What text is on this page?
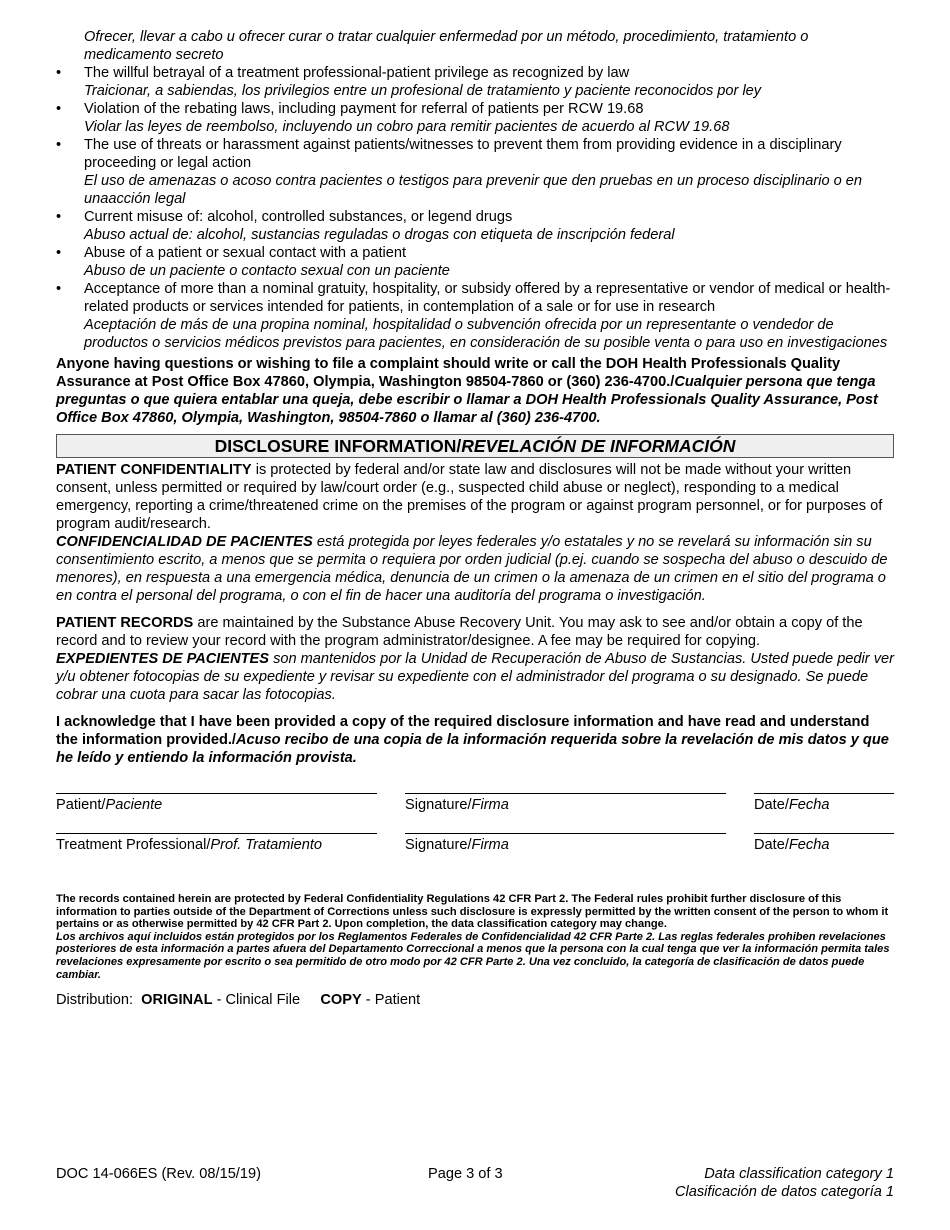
Ofrecer, llevar a cabo u ofrecer curar o tratar cualquier enfermedad por un método, procedimiento, tratamiento o medicamento secreto
• The willful betrayal of a treatment professional-patient privilege as recognized by law
Traicionar, a sabiendas, los privilegios entre un profesional de tratamiento y paciente reconocidos por ley
• Violation of the rebating laws, including payment for referral of patients per RCW 19.68
Violar las leyes de reembolso, incluyendo un cobro para remitir pacientes de acuerdo al RCW 19.68
• The use of threats or harassment against patients/witnesses to prevent them from providing evidence in a disciplinary proceeding or legal action
El uso de amenazas o acoso contra pacientes o testigos para prevenir que den pruebas en un proceso disciplinario o en unaacción legal
• Current misuse of: alcohol, controlled substances, or legend drugs
Abuso actual de: alcohol, sustancias reguladas o drogas con etiqueta de inscripción federal
• Abuse of a patient or sexual contact with a patient
Abuso de un paciente o contacto sexual con un paciente
• Acceptance of more than a nominal gratuity, hospitality, or subsidy offered by a representative or vendor of medical or health-related products or services intended for patients, in contemplation of a sale or for use in research
Aceptación de más de una propina nominal, hospitalidad o subvención ofrecida por un representante o vendedor de productos o servicios médicos previstos para pacientes, en consideración de su posible venta o para uso en investigaciones
Anyone having questions or wishing to file a complaint should write or call the DOH Health Professionals Quality Assurance at Post Office Box 47860, Olympia, Washington 98504-7860 or (360) 236-4700./Cualquier persona que tenga preguntas o que quiera entablar una queja, debe escribir o llamar a DOH Health Professionals Quality Assurance, Post Office Box 47860, Olympia, Washington, 98504-7860 o llamar al (360) 236-4700.
DISCLOSURE INFORMATION/REVELACIÓN DE INFORMACIÓN
PATIENT CONFIDENTIALITY is protected by federal and/or state law and disclosures will not be made without your written consent, unless permitted or required by law/court order (e.g., suspected child abuse or neglect), responding to a medical emergency, reporting a crime/threatened crime on the premises of the program or against program personnel, or for purposes of program audit/research.
CONFIDENCIALIDAD DE PACIENTES está protegida por leyes federales y/o estatales y no se revelará su información sin su consentimiento escrito, a menos que se permita o requiera por orden judicial (p.ej. cuando se sospecha del abuso o descuido de menores), en respuesta a una emergencia médica, denuncia de un crimen o la amenaza de un crimen en el sitio del programa o en contra el personal del programa, o con el fin de hacer una auditoría del programa o investigación.
PATIENT RECORDS are maintained by the Substance Abuse Recovery Unit. You may ask to see and/or obtain a copy of the record and to review your record with the program administrator/designee. A fee may be required for copying.
EXPEDIENTES DE PACIENTES son mantenidos por la Unidad de Recuperación de Abuso de Sustancias. Usted puede pedir ver y/u obtener fotocopias de su expediente y revisar su expediente con el administrador del programa o su designado. Se puede cobrar una cuota para sacar las fotocopias.
I acknowledge that I have been provided a copy of the required disclosure information and have read and understand the information provided./Acuso recibo de una copia de la información requerida sobre la revelación de mis datos y que he leído y entiendo la información provista.
Patient/Paciente	Signature/Firma	Date/Fecha
Treatment Professional/Prof. Tratamiento	Signature/Firma	Date/Fecha
The records contained herein are protected by Federal Confidentiality Regulations 42 CFR Part 2. The Federal rules prohibit further disclosure of this information to parties outside of the Department of Corrections unless such disclosure is expressly permitted by the written consent of the person to whom it pertains or as otherwise permitted by 42 CFR Part 2. Upon completion, the data classification category may change.
Los archivos aquí incluidos están protegidos por los Reglamentos Federales de Confidencialidad 42 CFR Parte 2. Las reglas federales prohiben revelaciones posteriores de esta información a partes afuera del Departamento Correccional a menos que la persona con la cual tenga que ver la información permita tales revelaciones expresamente por escrito o sea permitido de otro modo por 42 CFR Parte 2. Una vez concluido, la categoría de clasificación de datos puede cambiar.
Distribution: ORIGINAL - Clinical File COPY - Patient
DOC 14-066ES (Rev. 08/15/19)	Page 3 of 3	Data classification category 1
Clasificación de datos categoría 1
